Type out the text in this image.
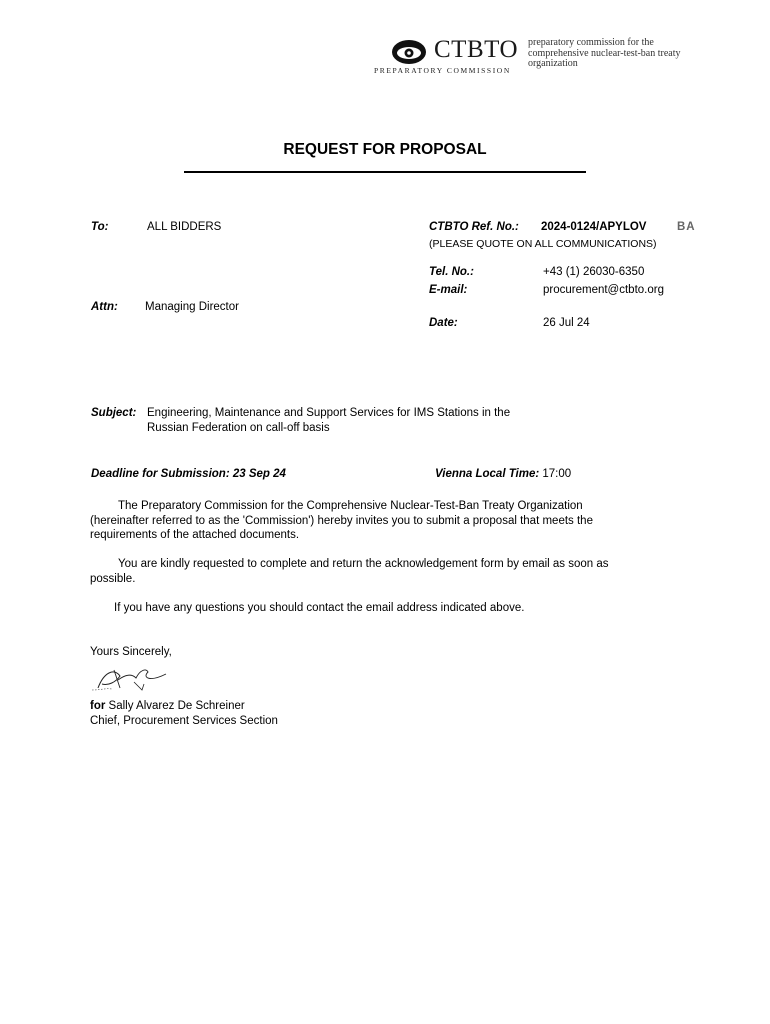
CTBTO
PREPARATORY COMMISSION
preparatory commission for the comprehensive nuclear-test-ban treaty organization
REQUEST FOR PROPOSAL
To:	ALL BIDDERS
Attn: Managing Director
CTBTO Ref. No.: 2024-0124/APYLOV	BA
(PLEASE QUOTE ON ALL COMMUNICATIONS)
Tel. No.:	+43 (1) 26030-6350
E-mail:	procurement@ctbto.org
Date:	26 Jul 24
Subject: Engineering, Maintenance and Support Services for IMS Stations in the
Russian Federation on call-off basis
Deadline for Submission: 23 Sep 24	Vienna Local Time: 17:00
The Preparatory Commission for the Comprehensive Nuclear-Test-Ban Treaty Organization (hereinafter referred to as the 'Commission') hereby invites you to submit a proposal that meets the requirements of the attached documents.
You are kindly requested to complete and return the acknowledgement form by email as soon as possible.
If you have any questions you should contact the email address indicated above.
Yours Sincerely,
for Sally Alvarez De Schreiner
Chief, Procurement Services Section
